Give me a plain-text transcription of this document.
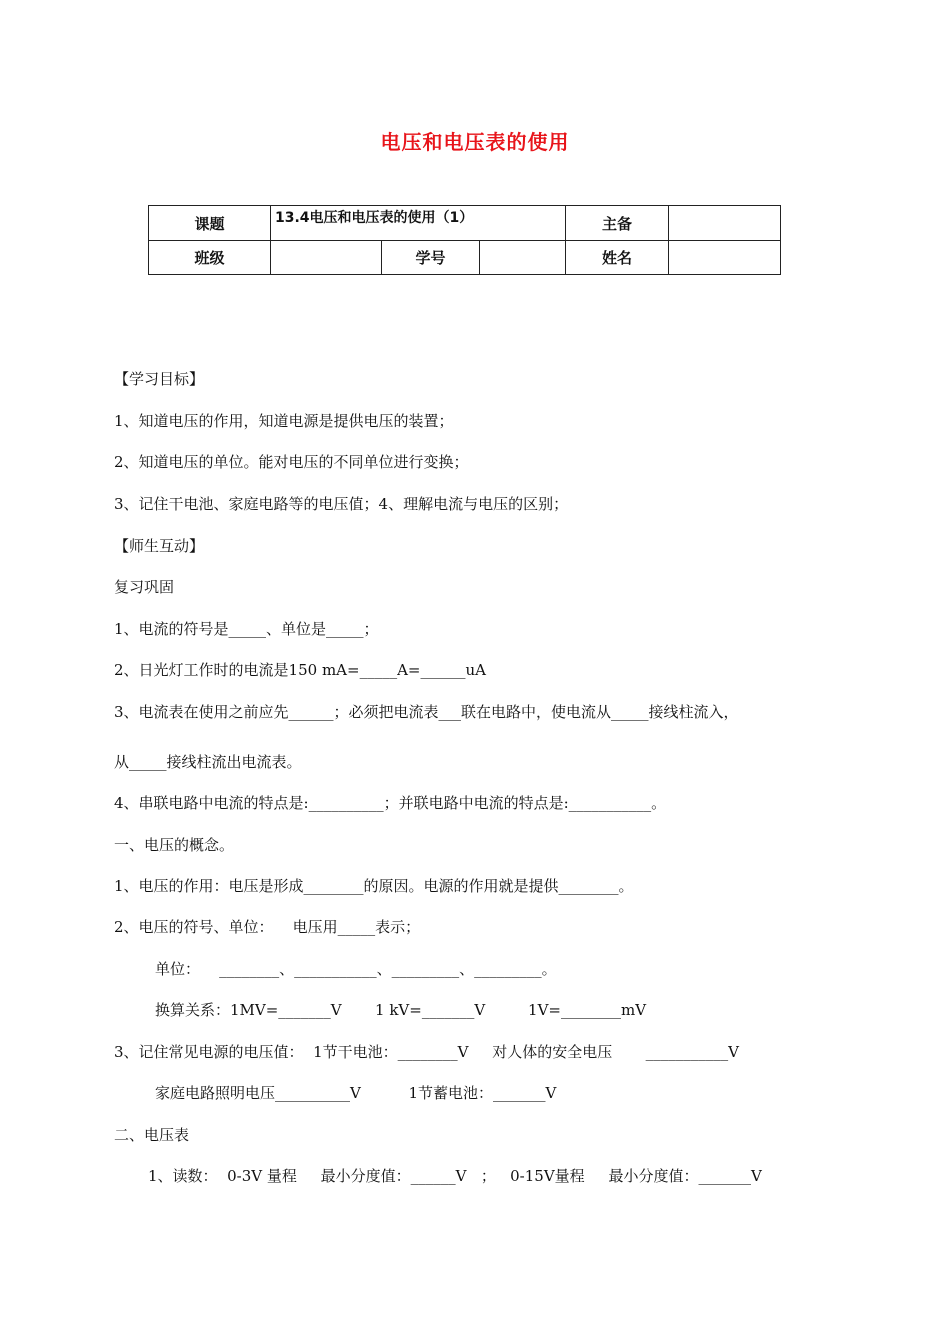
电压和电压表的使用
课题	13.4电压和电压表的使用（1）			主备	
班级		学号		姓名	
【学习目标】
1、知道电压的作用，知道电源是提供电压的装置；
2、知道电压的单位。能对电压的不同单位进行变换；
3、记住干电池、家庭电路等的电压值；4、理解电流与电压的区别；
【师生互动】
复习巩固
1、电流的符号是_____、单位是_____；
2、日光灯工作时的电流是150 mA=_____A=______uA
3、电流表在使用之前应先______；必须把电流表___联在电路中，使电流从_____接线柱流入，
从_____接线柱流出电流表。
4、串联电路中电流的特点是:__________；并联电路中电流的特点是:___________。
一、电压的概念。
1、电压的作用：电压是形成________的原因。电源的作用就是提供________。
2、电压的符号、单位：    电压用_____表示；
单位：    ________、___________、_________、_________。
换算关系：1MV=_______V       1 kV=_______V         1V=________mV
3、记住常见电源的电压值：  1节干电池：________V     对人体的安全电压       ___________V
家庭电路照明电压__________V          1节蓄电池：_______V
二、电压表
1、读数：  0-3V 量程     最小分度值：______V   ；   0-15V量程     最小分度值：_______V
